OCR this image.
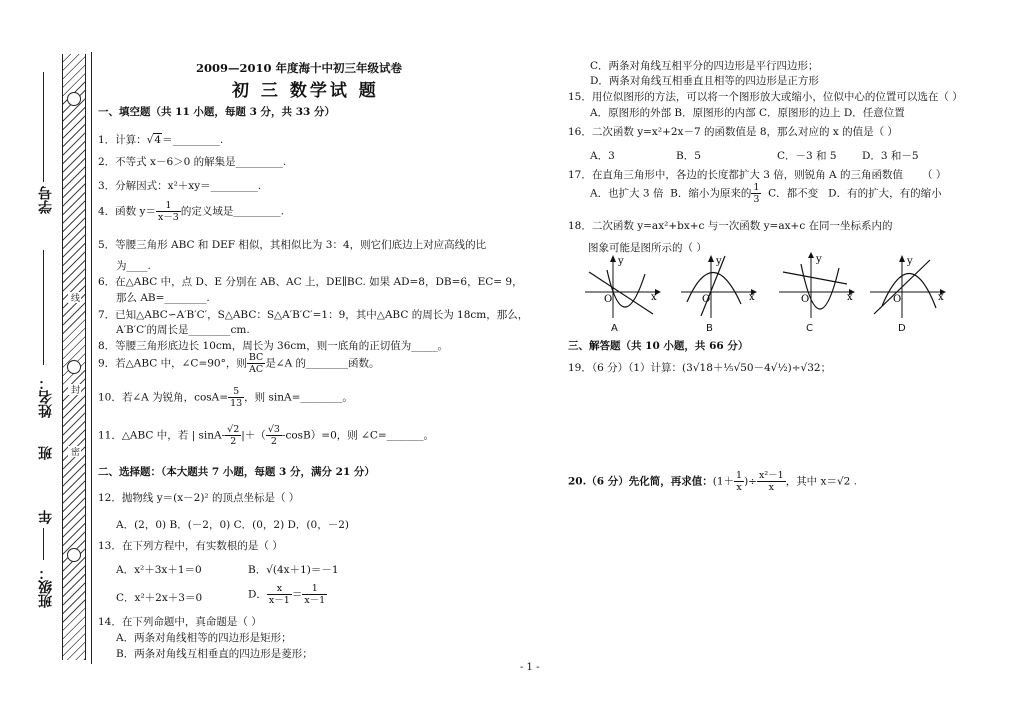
线
封
密
学号
姓名：
班
年
班级：
2009—2010 年度海十中初三年级试卷
初 三 数学试 题
一、填空题（共 11 小题，每题 3 分，共 33 分）
1．计算：√4＝_________.
2．不等式 x－6＞0 的解集是_________.
3．分解因式：x²＋xy＝_________.
4．函数 $y= \frac{1}{x-3}$ 的定义域是_________.
5．等腰三角形 ABC 和 DEF 相似，其相似比为 3：4，则它们底边上对应高线的比
为____.
6．在△ABC 中，点 D、E 分别在 AB、AC 上，DE∥BC. 如果 AD=8，DB=6，EC= 9，
那么 AB=________.
7．已知△ABC∽A′B′C′，S△ABC：S△A′B′C′=1：9，其中△ABC 的周长为 18cm，那么，
A′B′C′的周长是________cm.
8．等腰三角形底边长 10cm，周长为 36cm，则一底角的正切值为_____。
9．若△ABC 中，∠C=90°，则 $\frac{BC}{AC}$ 是∠A 的________函数。
10．若∠A 为锐角，$\cos A= \frac{5}{13}$ ，则 sinA=________。
11．△ABC 中，若 | $\sin A- \frac{√2}{2}$ |＋（ $\frac{√3}{2} -\cos B)=0$，则 ∠C=_______。
二、选择题：（本大题共 7 小题，每题 3 分，满分 21 分）
12．抛物线 y＝(x－2)² 的顶点坐标是（ ）
A．(2，0) B．(－2，0) C．(0，2) D．(0，－2)
13．在下列方程中，有实数根的是（ ）
A．x²＋3x＋1＝0	B．√(4x＋1)＝－1
C．x²＋2x＋3＝0	D． $\frac{x}{x-1} = \frac{1}{x-1}$
14．在下列命题中，真命题是（ ）
A．两条对角线相等的四边形是矩形；
B．两条对角线互相垂直的四边形是菱形；
C．两条对角线互相平分的四边形是平行四边形；
D．两条对角线互相垂直且相等的四边形是正方形
15．用位似图形的方法，可以将一个图形放大或缩小，位似中心的位置可以选在（ ）
A．原图形的外部 B．原图形的内部 C．原图形的边上 D．任意位置
16．二次函数 y=x²+2x－7 的函数值是 8，那么对应的 x 的值是（ ）
A．3	B．5	C．－3 和 5 D．3 和－5
17．在直角三角形中，各边的长度都扩大 3 倍，则锐角 A 的三角函数值 （ ）
A．也扩大 3 倍 B．缩小为原来的 $\frac{1}{3}$ C．都不变 D．有的扩大，有的缩小
18．二次函数 y=ax²+bx+c 与一次函数 y=ax+c 在同一坐标系内的
图象可能是图所示的（ ）
y
x
O
y
x
O
y
x
O
y
x
O
A	B	C	D
三、解答题（共 10 小题，共 66 分）
19．（6 分）（1）计算：(3√18＋⅕√50－4√½)÷√32；
20.（6 分）先化简，再求值：($1+ \frac{1}{x}$ )÷ $\frac{\text{x²－1}}{x}$ ，其中 x＝√2 .
- 1 -
